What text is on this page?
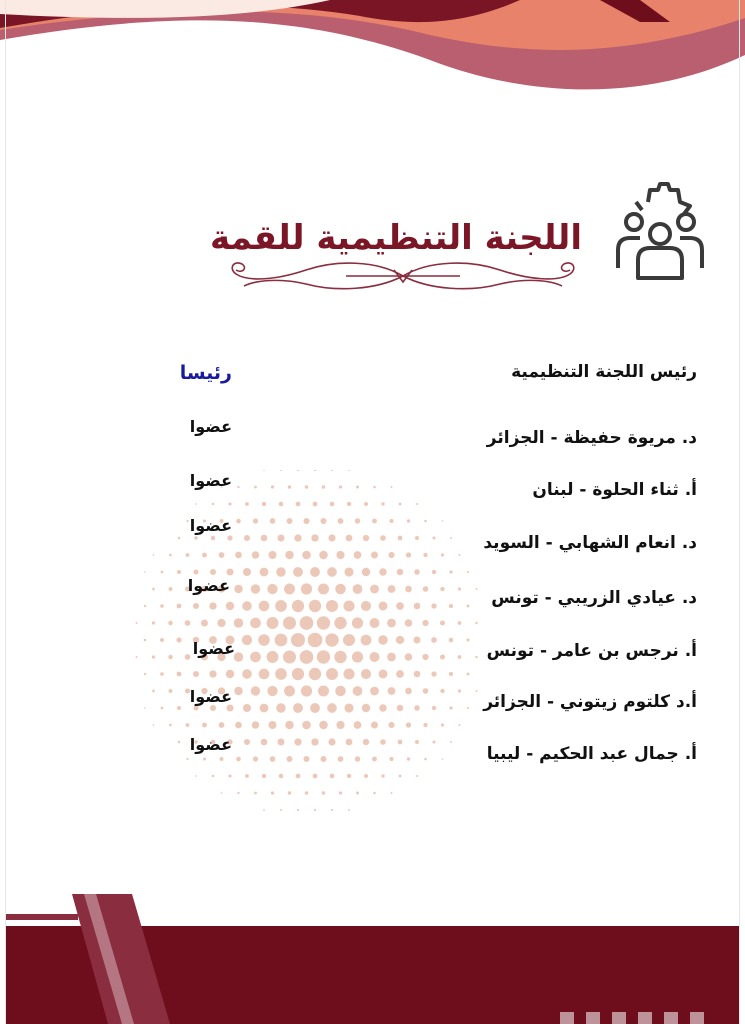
اللجنة التنظيمية للقمة
رئيس اللجنة التنظيمية
رئيسا
د. مريوة حفيظة - الجزائر
عضوا
أ. ثناء الحلوة - لبنان
عضوا
د. انعام الشهابي - السويد
عضوا
د. عيادي الزريبي - تونس
عضوا
أ. نرجس بن عامر - تونس
عضوا
أ.د كلتوم زيتوني - الجزائر
عضوا
أ. جمال عبد الحكيم - ليبيا
عضوا
